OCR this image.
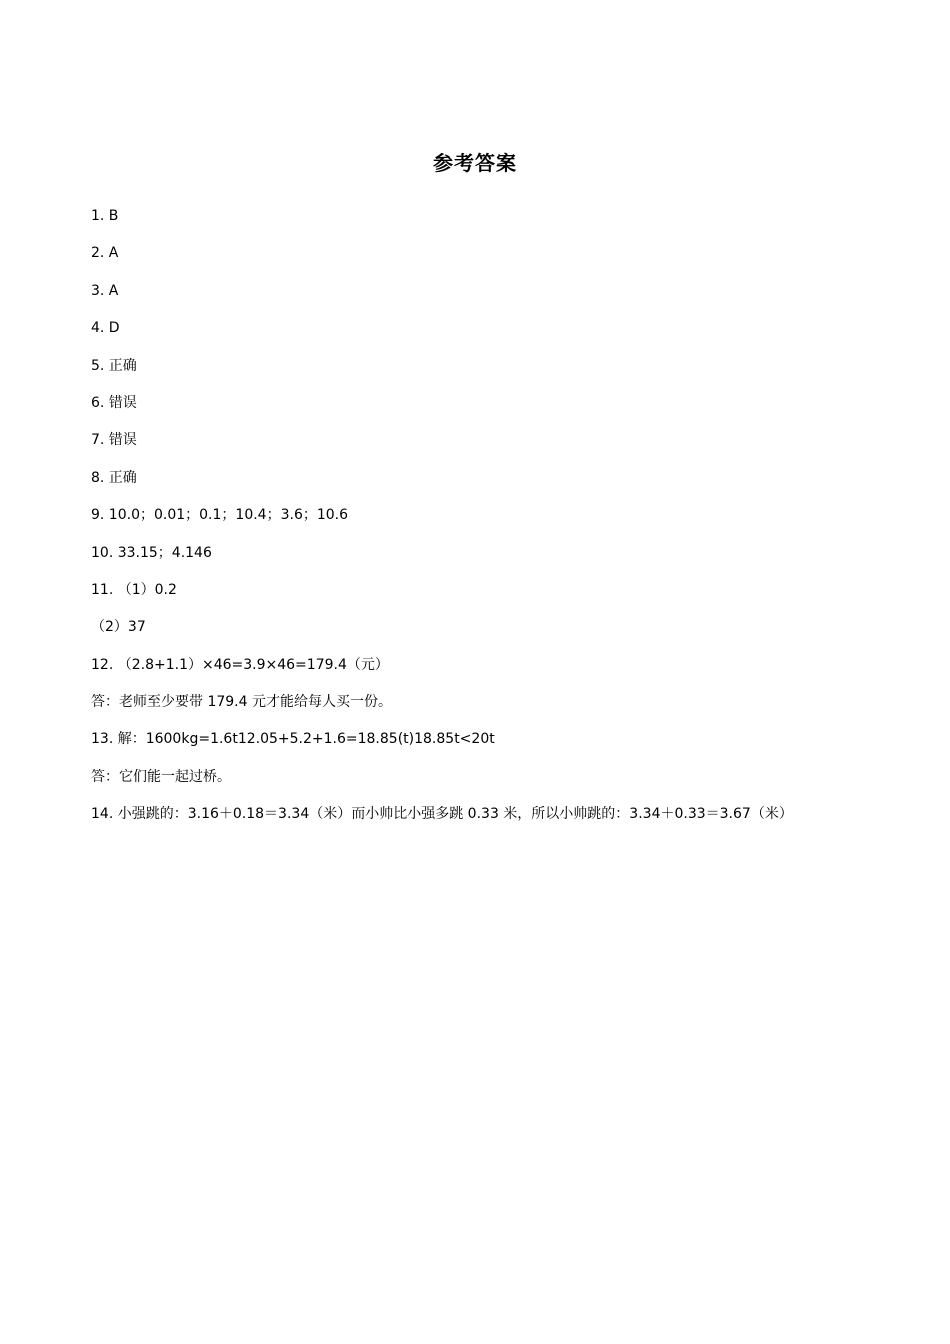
参考答案
1. B
2. A
3. A
4. D
5. 正确
6. 错误
7. 错误
8. 正确
9. 10.0；0.01；0.1；10.4；3.6；10.6
10. 33.15；4.146
11. （1）0.2
（2）37
12. （2.8+1.1）×46=3.9×46=179.4（元）
答：老师至少要带 179.4 元才能给每人买一份。
13. 解：1600kg=1.6t12.05+5.2+1.6=18.85(t)18.85t<20t
答：它们能一起过桥。
14. 小强跳的：3.16＋0.18＝3.34（米）而小帅比小强多跳 0.33 米，所以小帅跳的：3.34＋0.33＝3.67（米）
